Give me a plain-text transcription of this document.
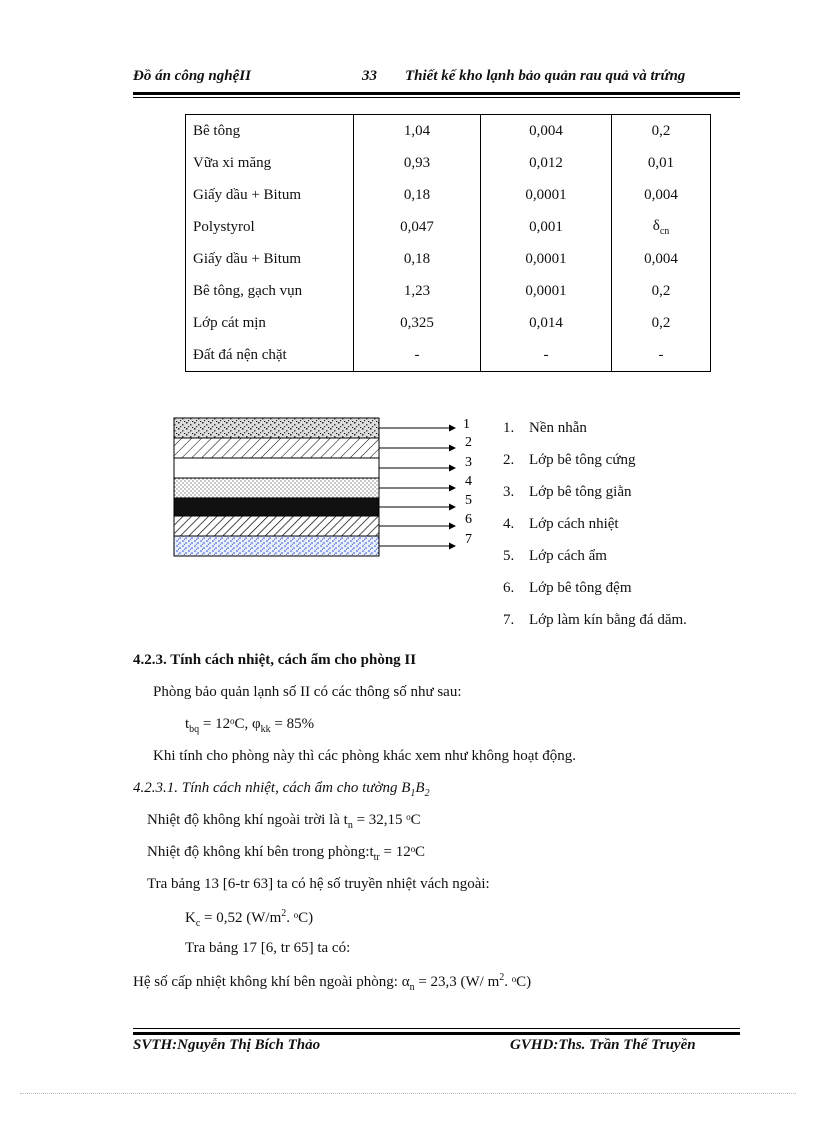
Đồ án công nghệII	33 Thiết kế kho lạnh bảo quản rau quả và trứng
Bê tông	1,04	0,004	0,2
Vữa xi măng	0,93	0,012	0,01
Giấy dầu + Bitum	0,18	0,0001	0,004
Polystyrol	0,047	0,001	$\delta_{cn}$
Giấy dầu + Bitum	0,18	0,0001	0,004
Bê tông, gạch vụn	1,23	0,0001	0,2
Lớp cát mịn	0,325	0,014	0,2
Đất đá nện chặt	-	-	-
1
2
3
4
5
6
7
1. Nền nhẵn
2. Lớp bê tông cứng
3. Lớp bê tông giằn
4. Lớp cách nhiệt
5. Lớp cách ẩm
6. Lớp bê tông đệm
7. Lớp làm kín bằng đá dăm.
4.2.3. Tính cách nhiệt, cách ẩm cho phòng II
Phòng bảo quản lạnh số II có các thông số như sau:
$t_{bq}$ = 12ᵒC, $\varphi_{kk} = 85\%$
Khi tính cho phòng này thì các phòng khác xem như không hoạt động.
4.2.3.1. Tính cách nhiệt, cách ẩm cho tường $B_1B_2$
Nhiệt độ không khí ngoài trời là $t_n = 32,15$ ᵒC
Nhiệt độ không khí bên trong $phòng:t_{tr}$ = 12ᵒC
Tra bảng 13 [6-tr 63] ta có hệ số truyền nhiệt vách ngoài:
$K_c = 0,52$ ($W/m^2$. ᵒC)
Tra bảng 17 [6, tr 65] ta có:
Hệ số cấp nhiệt không khí bên ngoài phòng: $\alpha_n = 23,3$ (W/ $m^2$. ᵒC)
SVTH:Nguyễn Thị Bích Thảo	GVHD:Ths. Trần Thế Truyền
